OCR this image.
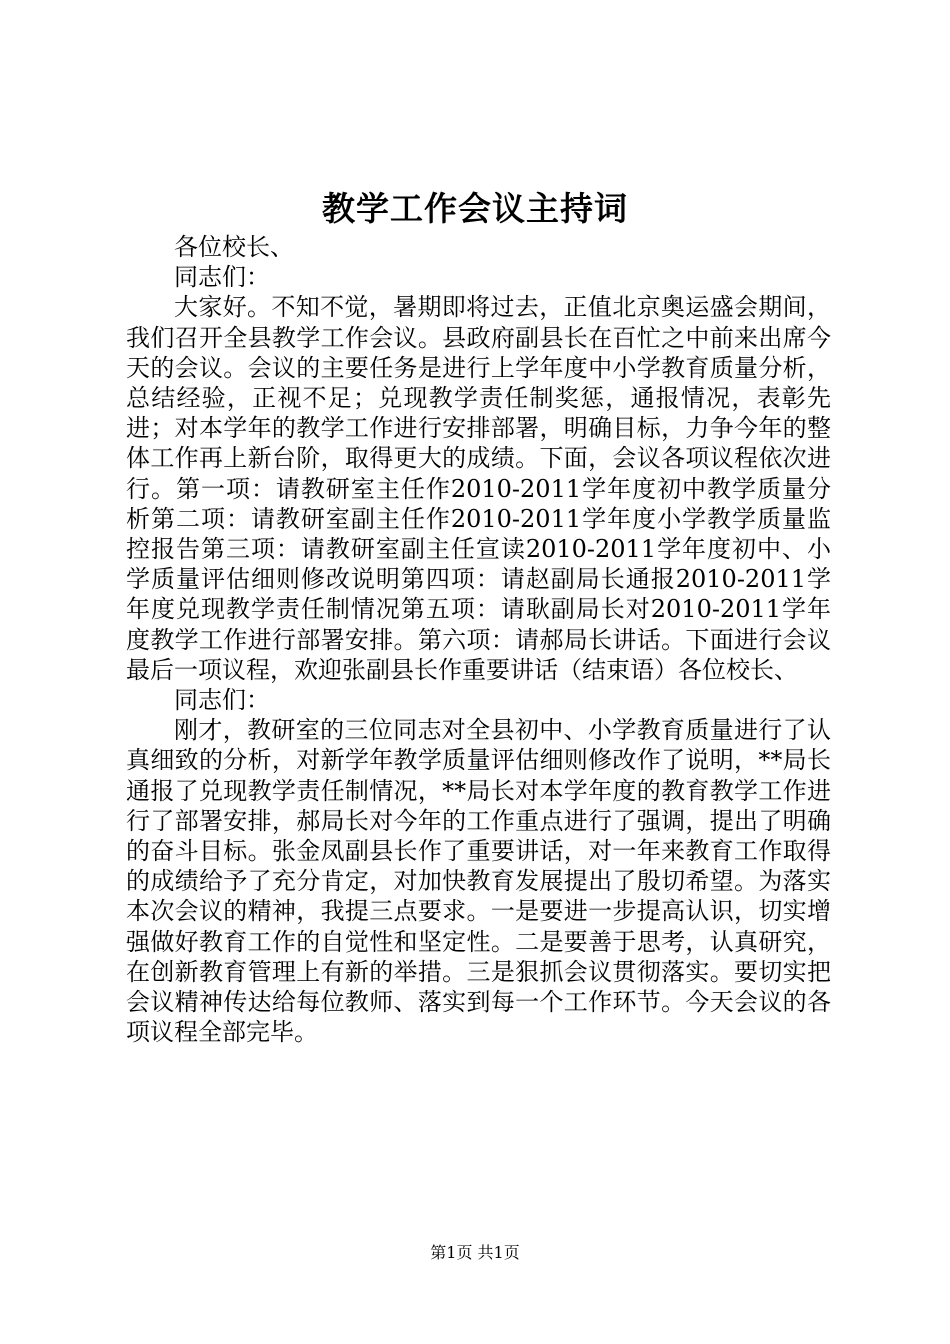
教学工作会议主持词

各位校长、

同志们：

大家好。不知不觉，暑期即将过去，正值北京奥运盛会期间，我们召开全县教学工作会议。县政府副县长在百忙之中前来出席今天的会议。会议的主要任务是进行上学年度中小学教育质量分析，总结经验，正视不足；兑现教学责任制奖惩，通报情况，表彰先进；对本学年的教学工作进行安排部署，明确目标，力争今年的整体工作再上新台阶，取得更大的成绩。下面，会议各项议程依次进行。第一项：请教研室主任作2010-2011学年度初中教学质量分析第二项：请教研室副主任作2010-2011学年度小学教学质量监控报告第三项：请教研室副主任宣读2010-2011学年度初中、小学质量评估细则修改说明第四项：请赵副局长通报2010-2011学年度兑现教学责任制情况第五项：请耿副局长对2010-2011学年度教学工作进行部署安排。第六项：请郝局长讲话。下面进行会议最后一项议程，欢迎张副县长作重要讲话（结束语）各位校长、

同志们：

刚才，教研室的三位同志对全县初中、小学教育质量进行了认真细致的分析，对新学年教学质量评估细则修改作了说明，**局长通报了兑现教学责任制情况，**局长对本学年度的教育教学工作进行了部署安排，郝局长对今年的工作重点进行了强调，提出了明确的奋斗目标。张金凤副县长作了重要讲话，对一年来教育工作取得的成绩给予了充分肯定，对加快教育发展提出了殷切希望。为落实本次会议的精神，我提三点要求。一是要进一步提高认识，切实增强做好教育工作的自觉性和坚定性。二是要善于思考，认真研究，在创新教育管理上有新的举措。三是狠抓会议贯彻落实。要切实把会议精神传达给每位教师、落实到每一个工作环节。今天会议的各项议程全部完毕。

第1页 共1页
